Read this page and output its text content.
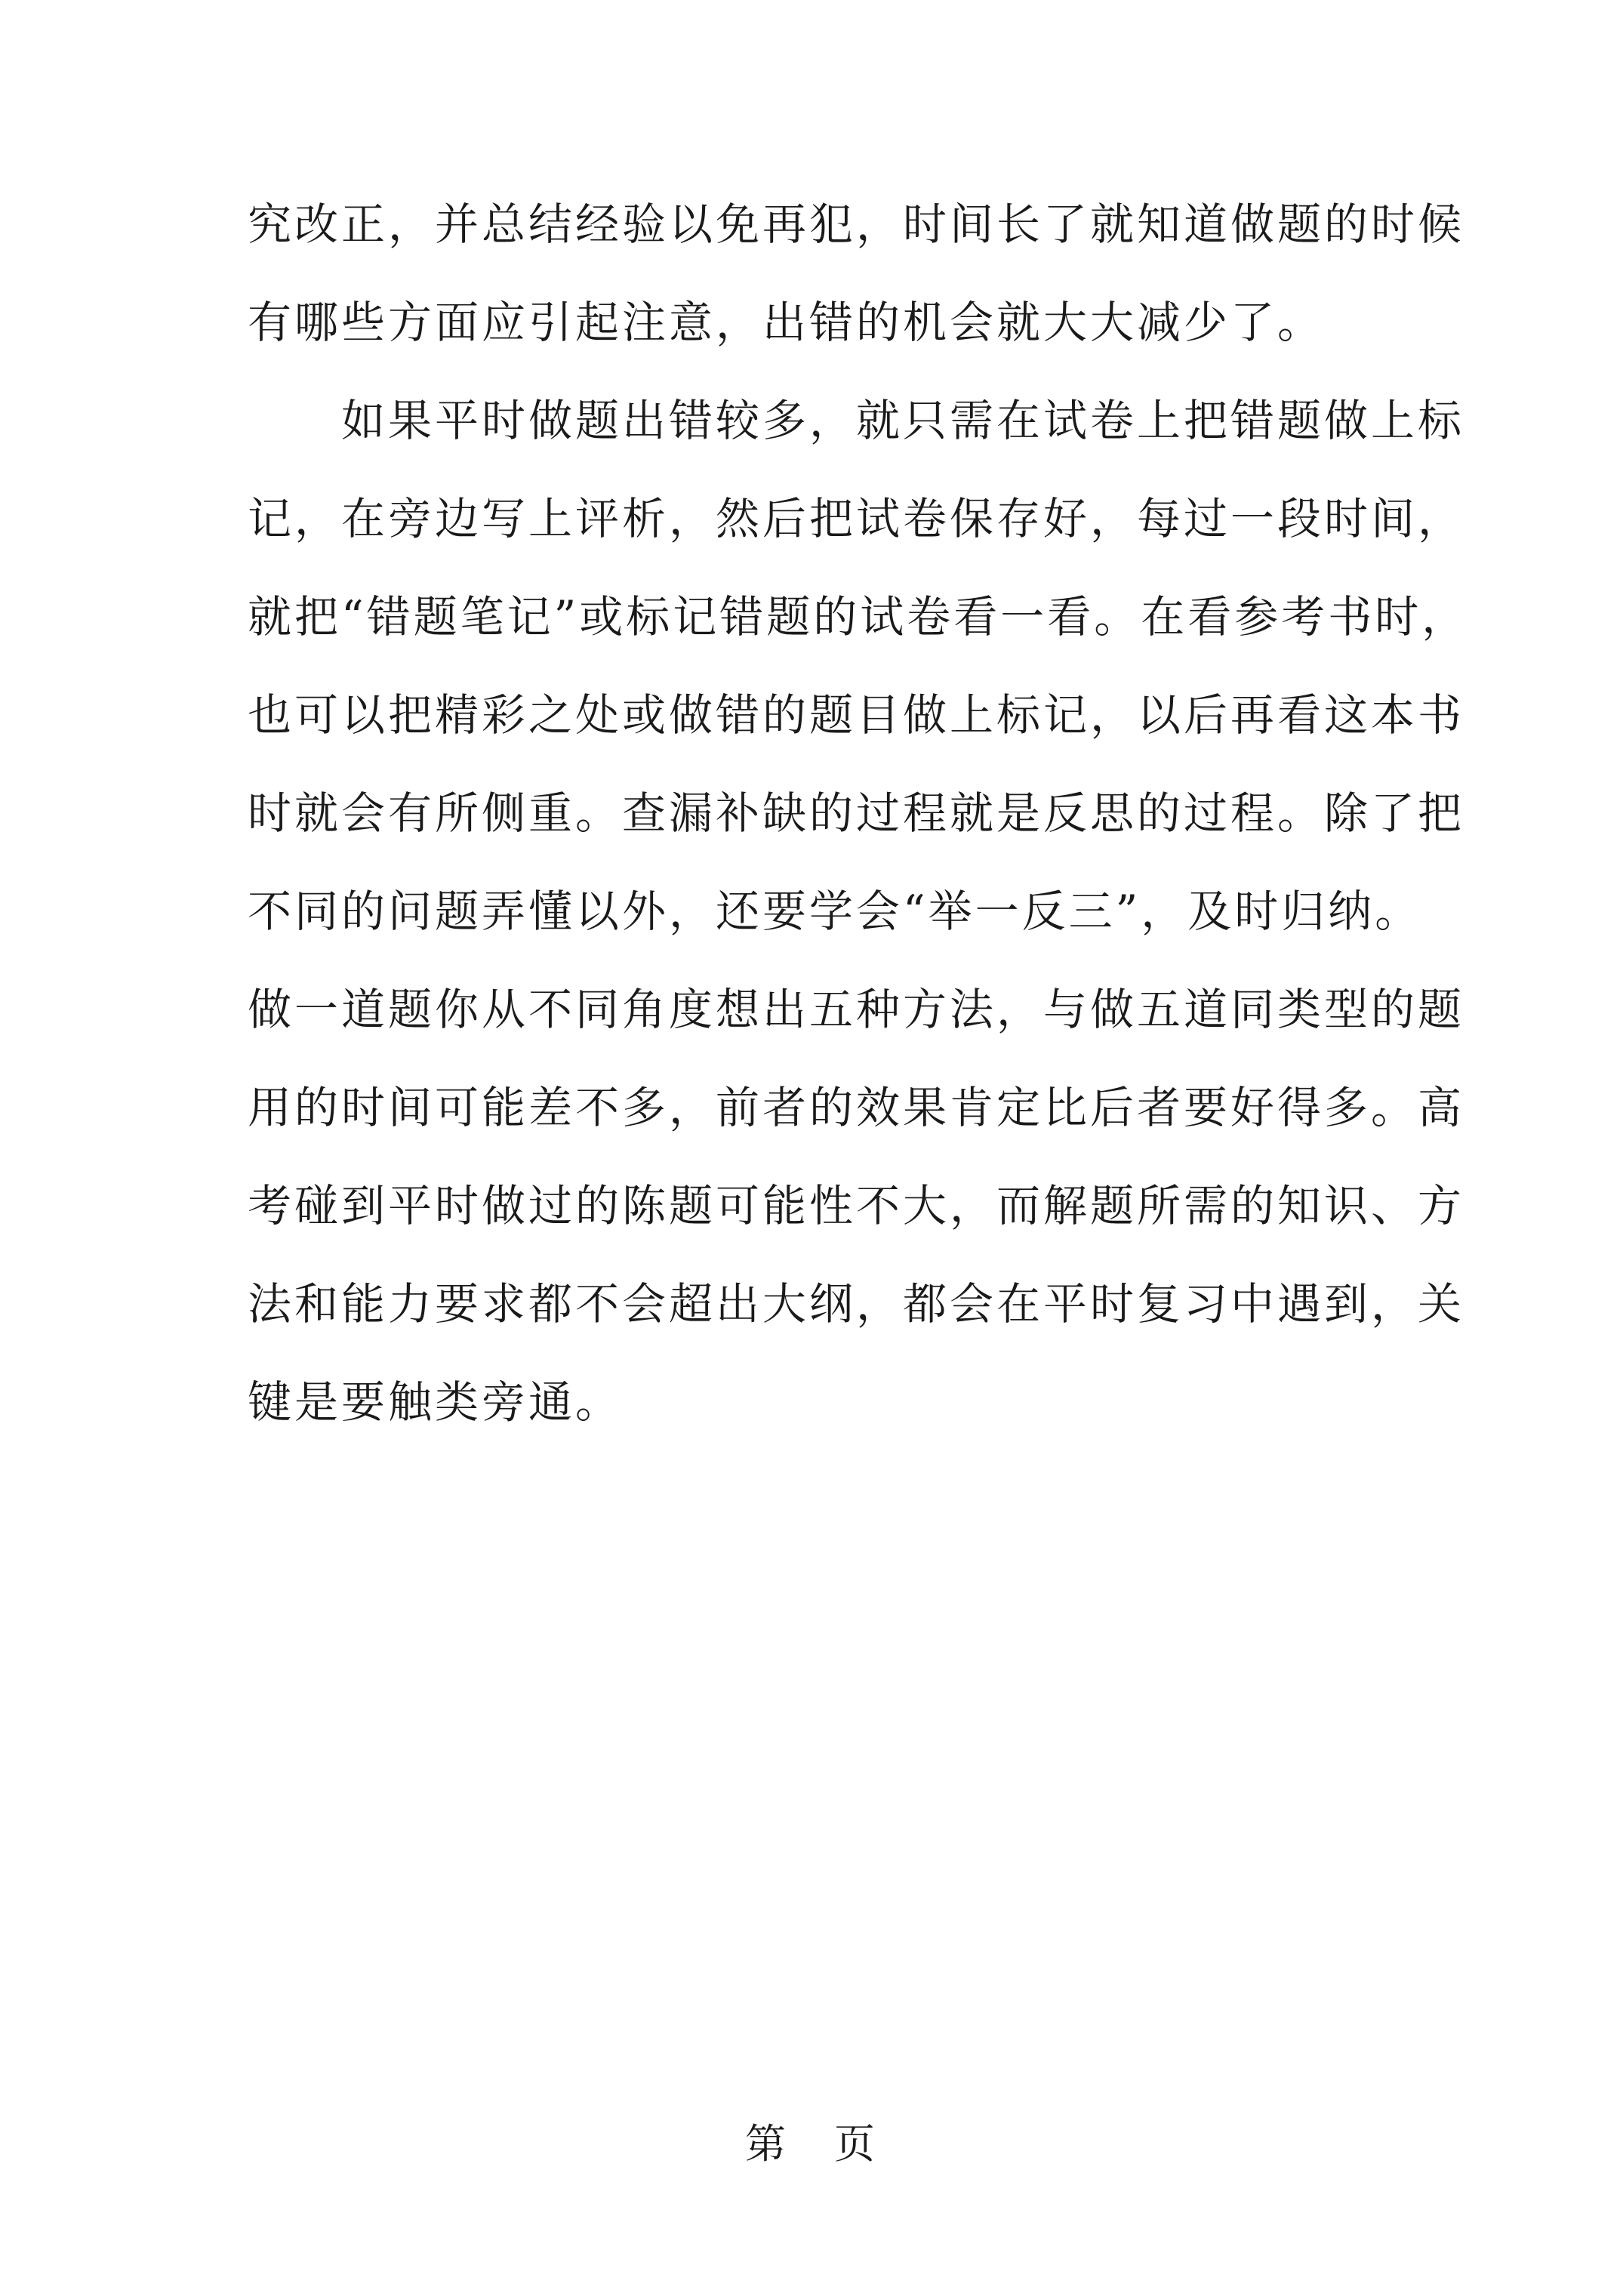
究改正，并总结经验以免再犯，时间长了就知道做题的时候
有哪些方面应引起注意，出错的机会就大大减少了。
　　如果平时做题出错较多，就只需在试卷上把错题做上标
记，在旁边写上评析，然后把试卷保存好，每过一段时间，
就把“错题笔记”或标记错题的试卷看一看。在看参考书时，
也可以把精彩之处或做错的题目做上标记，以后再看这本书
时就会有所侧重。查漏补缺的过程就是反思的过程。除了把
不同的问题弄懂以外，还要学会“举一反三”，及时归纳。
做一道题你从不同角度想出五种方法，与做五道同类型的题
用的时间可能差不多，前者的效果肯定比后者要好得多。高
考碰到平时做过的陈题可能性不大，而解题所需的知识、方
法和能力要求都不会超出大纲，都会在平时复习中遇到，关
键是要触类旁通。
第 页
